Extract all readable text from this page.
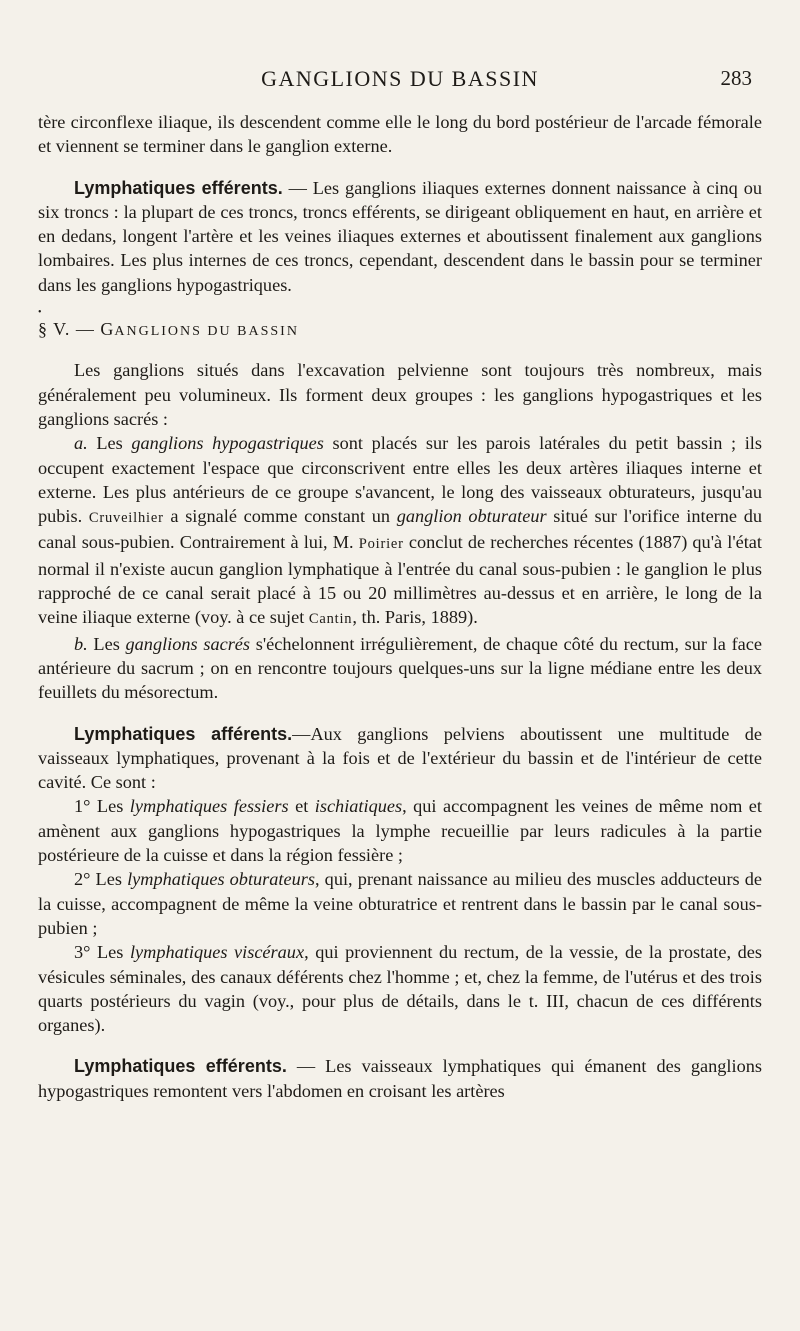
GANGLIONS DU BASSIN	283

tère circonflexe iliaque, ils descendent comme elle le long du bord postérieur de l'arcade fémorale et viennent se terminer dans le ganglion externe.

Lymphatiques efférents. — Les ganglions iliaques externes donnent naissance à cinq ou six troncs : la plupart de ces troncs, troncs efférents, se dirigeant obliquement en haut, en arrière et en dedans, longent l'artère et les veines iliaques externes et aboutissent finalement aux ganglions lombaires. Les plus internes de ces troncs, cependant, descendent dans le bassin pour se terminer dans les ganglions hypogastriques.

•

§ V. — GANGLIONS DU BASSIN

Les ganglions situés dans l'excavation pelvienne sont toujours très nombreux, mais généralement peu volumineux. Ils forment deux groupes : les ganglions hypogastriques et les ganglions sacrés :

a. Les ganglions hypogastriques sont placés sur les parois latérales du petit bassin ; ils occupent exactement l'espace que circonscrivent entre elles les deux artères iliaques interne et externe. Les plus antérieurs de ce groupe s'avancent, le long des vaisseaux obturateurs, jusqu'au pubis. Cruveilhier a signalé comme constant un ganglion obturateur situé sur l'orifice interne du canal sous-pubien. Contrairement à lui, M. Poirier conclut de recherches récentes (1887) qu'à l'état normal il n'existe aucun ganglion lymphatique à l'entrée du canal sous-pubien : le ganglion le plus rapproché de ce canal serait placé à 15 ou 20 millimètres au-dessus et en arrière, le long de la veine iliaque externe (voy. à ce sujet Cantin, th. Paris, 1889).

b. Les ganglions sacrés s'échelonnent irrégulièrement, de chaque côté du rectum, sur la face antérieure du sacrum ; on en rencontre toujours quelques-uns sur la ligne médiane entre les deux feuillets du mésorectum.

Lymphatiques afférents.—Aux ganglions pelviens aboutissent une multitude de vaisseaux lymphatiques, provenant à la fois et de l'extérieur du bassin et de l'intérieur de cette cavité. Ce sont :

1° Les lymphatiques fessiers et ischiatiques, qui accompagnent les veines de même nom et amènent aux ganglions hypogastriques la lymphe recueillie par leurs radicules à la partie postérieure de la cuisse et dans la région fessière ;

2° Les lymphatiques obturateurs, qui, prenant naissance au milieu des muscles adducteurs de la cuisse, accompagnent de même la veine obturatrice et rentrent dans le bassin par le canal sous-pubien ;

3° Les lymphatiques viscéraux, qui proviennent du rectum, de la vessie, de la prostate, des vésicules séminales, des canaux déférents chez l'homme ; et, chez la femme, de l'utérus et des trois quarts postérieurs du vagin (voy., pour plus de détails, dans le t. III, chacun de ces différents organes).

Lymphatiques efférents. — Les vaisseaux lymphatiques qui émanent des ganglions hypogastriques remontent vers l'abdomen en croisant les artères
